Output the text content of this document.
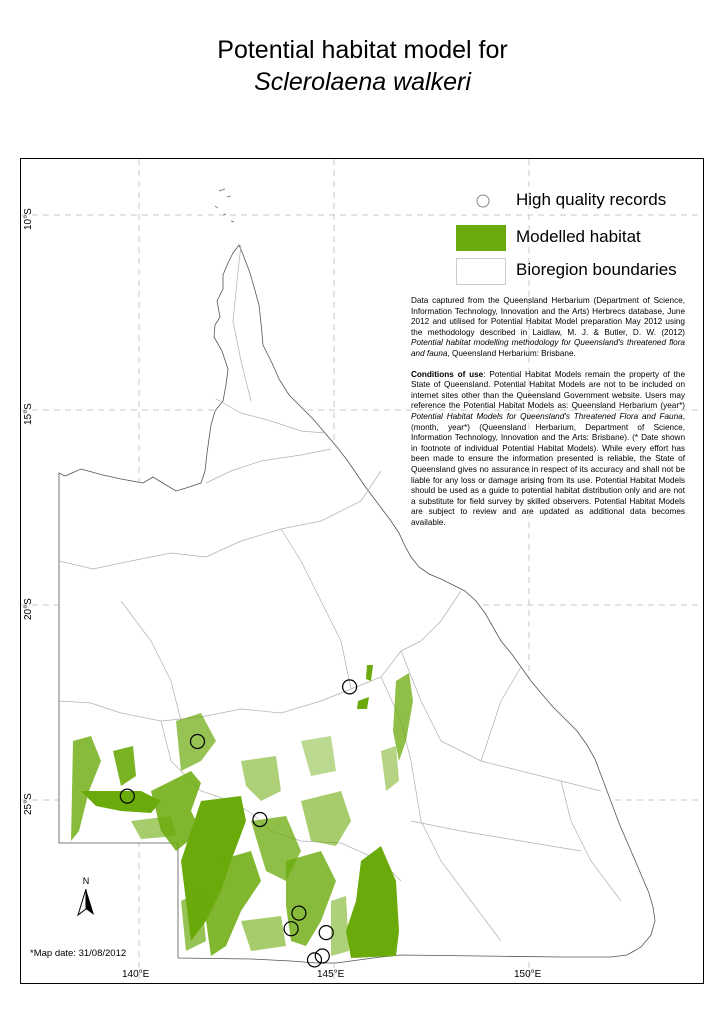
Potential habitat model for
Sclerolaena walkeri
10°S
15°S
20°S
25°S
140°E	145°E	150°E
High quality records
Modelled habitat
Bioregion boundaries

Data captured from the Queensland Herbarium (Department of Science, Information Technology, Innovation and the Arts) Herbrecs database, June 2012 and utilised for Potential Habitat Model preparation May 2012 using the methodology described in Laidlaw, M. J. & Butler, D. W. (2012) Potential habitat modelling methodology for Queensland's threatened flora and fauna, Queensland Herbarium: Brisbane.

Conditions of use: Potential Habitat Models remain the property of the State of Queensland. Potential Habitat Models are not to be included on internet sites other than the Queensland Government website. Users may reference the Potential Habitat Models as: Queensland Herbarium (year*) Potential Habitat Models for Queensland's Threatened Flora and Fauna, (month, year*) (Queensland Herbarium, Department of Science, Information Technology, Innovation and the Arts: Brisbane). (* Date shown in footnote of individual Potential Habitat Models). While every effort has been made to ensure the information presented is reliable, the State of Queensland gives no assurance in respect of its accuracy and shall not be liable for any loss or damage arising from its use. Potential Habitat Models should be used as a guide to potential habitat distribution only and are not a substitute for field survey by skilled observers. Potential Habitat Models are subject to review and are updated as additional data becomes available.

N
*Map date: 31/08/2012
